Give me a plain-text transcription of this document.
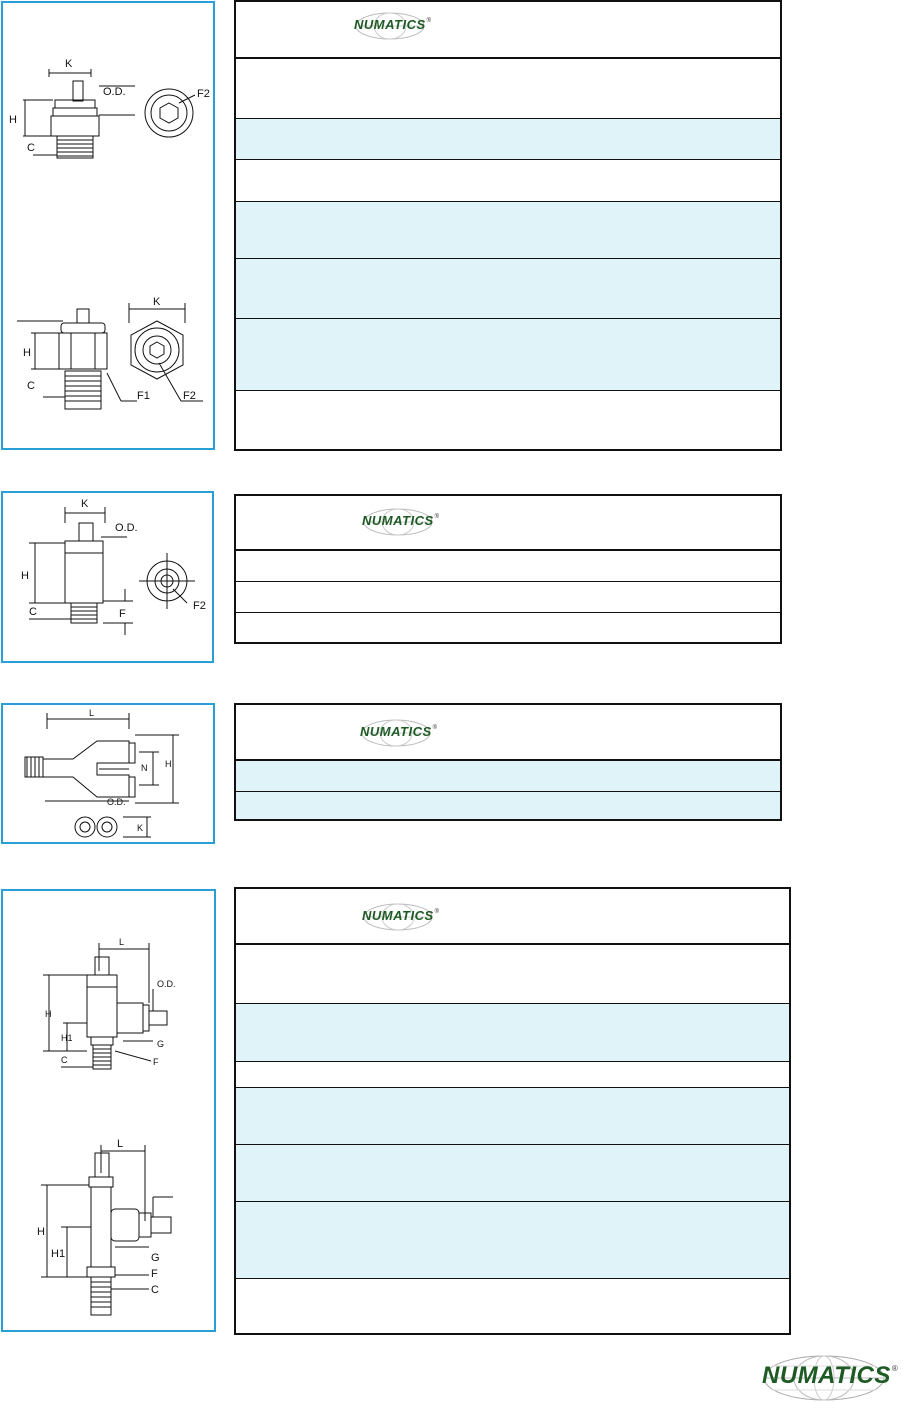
K
O.D.
H
C
F2
K
H
C
F1	F2
NUMATICS ®
K
O.D.
H
C	F
F2
NUMATICS ®
L
N H
O.D.
K
NUMATICS ®
L
O.D.
H
H1
G
C	F
L
H
H1	G
F
C
NUMATICS ®
NUMATICS ®
